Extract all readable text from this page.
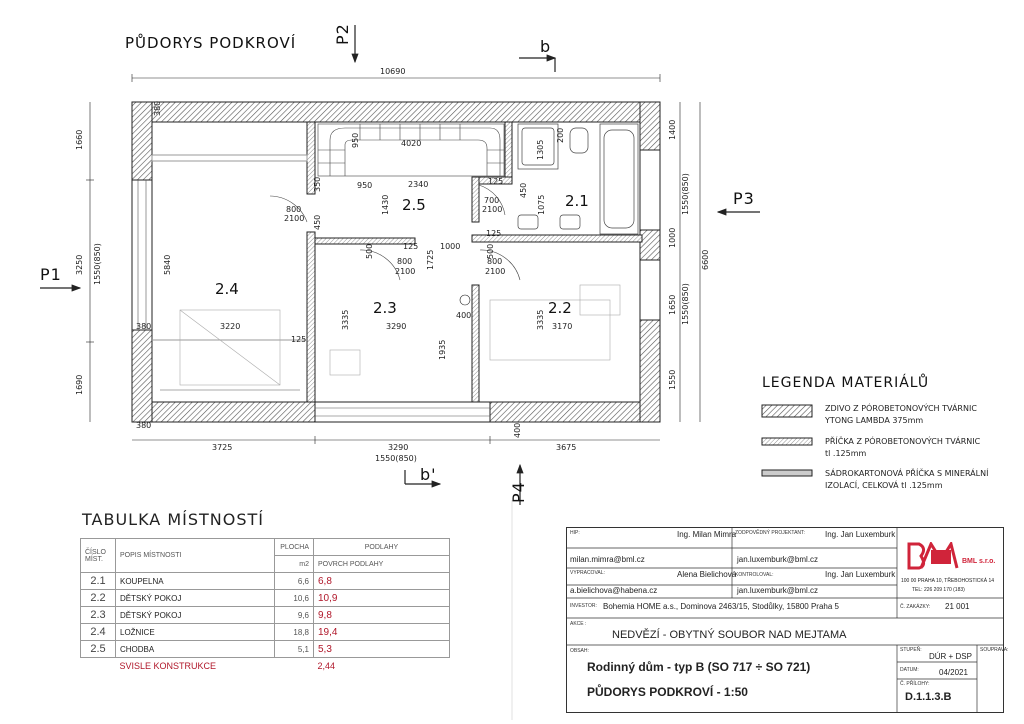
PŮDORYS PODKROVÍ
2.4
2.5	2.1
2.3	2.2
10690
380
1660
3250 1550(850)
1690
1400
1550(850)
1000
6600
1650 1550(850)
1550
3725	3290
1550(850)
3675
400
5840
3220
380
380
125
950
950
4020
2340
350
1430
450
800
2100
700
2100
1305
200
450
1075
125
1000
125
125
1725
500	500
800
2100
800
2100
3335	3290
1935
400	3335 3170
P2
b
P1
P3
P4
b'
LEGENDA MATERIÁLŮ
ZDIVO Z PÓROBETONOVÝCH TVÁRNIC
YTONG LAMBDA 375mm
PŘÍČKA Z PÓROBETONOVÝCH TVÁRNIC
tl .125mm
SÁDROKARTONOVÁ PŘÍČKA S MINERÁLNÍ
IZOLACÍ, CELKOVÁ tl .125mm
TABULKA MÍSTNOSTÍ
ČÍSLO MÍST.	POPIS MÍSTNOSTI	PLOCHA	PODLAHY
		m2	POVRCH PODLAHY
2.1	KOUPELNA	6,6	6,8
2.2	DĚTSKÝ POKOJ	10,6	10,9
2.3	DĚTSKÝ POKOJ	9,6	9,8
2.4	LOŽNICE	18,8	19,4
2.5	CHODBA	5,1	5,3
	SVISLE KONSTRUKCE		2,44
HIP:	Ing. Milan Mimra
milan.mimra@bml.cz
ZODPOVĚDNÝ PROJEKTANT:	Ing. Jan Luxemburk
jan.luxemburk@bml.cz
VYPRACOVAL:	Alena Bielichová
a.bielichova@habena.cz
KONTROLOVAL:	Ing. Jan Luxemburk
jan.luxemburk@bml.cz
BML s.r.o.
100 00 PRAHA 10, TŘEBOHOSTICKÁ 14
TEL: 226 209 170 (183)
INVESTOR: Bohemia HOME a.s., Dominova 2463/15, Stodůlky, 15800 Praha 5	Č. ZAKÁZKY: 21 001
AKCE :
NEDVĚZÍ - OBYTNÝ SOUBOR NAD MEJTAMA
OBSAH:
Rodinný dům - typ B (SO 717 ÷ SO 721)
PŮDORYS PODKROVÍ - 1:50
STUPEŇ:
DÚR + DSP
DATUM:	04/2021
Č. PŘÍLOHY:
D.1.1.3.B
SOUPRAVA:
